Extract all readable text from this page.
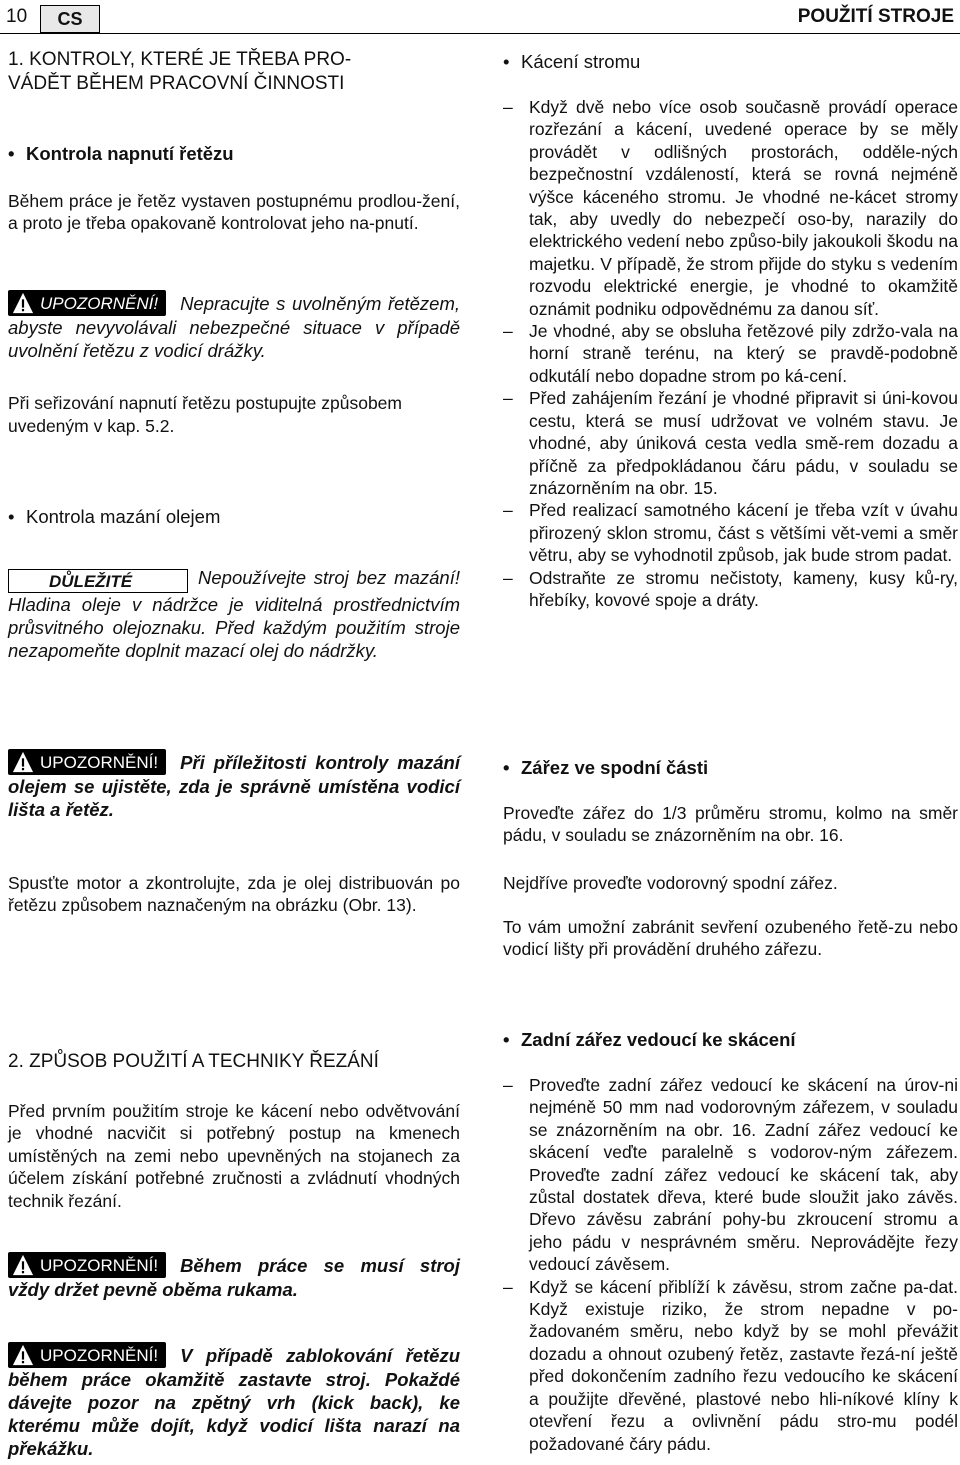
10	CS	POUŽITÍ STROJE

1. KONTROLY, KTERÉ JE TŘEBA PRO-

VÁDĚT BĚHEM PRACOVNÍ ČINNOSTI

• Kontrola napnutí řetězu

Během práce je řetěz vystaven postupnému prodlou-žení, a proto je třeba opakovaně kontrolovat jeho na-pnutí.

UPOZORNĚNÍ! Nepracujte s uvolněným řetězem, abyste nevyvolávali nebezpečné situace v případě uvolnění řetězu z vodicí drážky.

Při seřizování napnutí řetězu postupujte způsobem uvedeným v kap. 5.2.

• Kontrola mazání olejem

DŮLEŽITÉ	Nepoužívejte stroj bez mazání! Hladina oleje v nádržce je viditelná prostřednictvím průsvitného olejoznaku. Před každým použitím stroje nezapomeňte doplnit mazací olej do nádržky.

UPOZORNĚNÍ! Při příležitosti kontroly mazání olejem se ujistěte, zda je správně umístěna vodicí lišta a řetěz.

Spusťte motor a zkontrolujte, zda je olej distribuován po řetězu způsobem naznačeným na obrázku (Obr. 13).

2. ZPŮSOB POUŽITÍ A TECHNIKY ŘEZÁNÍ

Před prvním použitím stroje ke kácení nebo odvětvování je vhodné nacvičit si potřebný postup na kmenech umístěných na zemi nebo upevněných na stojanech za účelem získání potřebné zručnosti a zvládnutí vhodných technik řezání.

UPOZORNĚNÍ! Během práce se musí stroj vždy držet pevně oběma rukama.

UPOZORNĚNÍ! V případě zablokování řetězu během práce okamžitě zastavte stroj. Pokaždé dávejte pozor na zpětný vrh (kick back), ke kterému může dojít, když vodicí lišta narazí na překážku.

• Kácení stromu

– Když dvě nebo více osob současně provádí operace rozřezání a kácení, uvedené operace by se měly provádět v odlišných prostorách, odděle-ných bezpečnostní vzdáleností, která se rovná nejméně výšce káceného stromu. Je vhodné ne-kácet stromy tak, aby uvedly do nebezpečí oso-by, narazily do elektrického vedení nebo způso-bily jakoukoli škodu na majetku. V případě, že strom přijde do styku s vedením rozvodu elektrické energie, je vhodné to okamžitě oznámit podniku odpovědnému za danou síť.
– Je vhodné, aby se obsluha řetězové pily zdržo-vala na horní straně terénu, na který se pravdě-podobně odkutálí nebo dopadne strom po ká-cení.
– Před zahájením řezání je vhodné připravit si úni-kovou cestu, která se musí udržovat ve volném stavu. Je vhodné, aby úniková cesta vedla smě-rem dozadu a příčně za předpokládanou čáru pádu, v souladu se znázorněním na obr. 15.
– Před realizací samotného kácení je třeba vzít v úvahu přirozený sklon stromu, část s většími vět-vemi a směr větru, aby se vyhodnotil způsob, jak bude strom padat.
– Odstraňte ze stromu nečistoty, kameny, kusy ků-ry, hřebíky, kovové spoje a dráty.

• Zářez ve spodní části

Proveďte zářez do 1/3 průměru stromu, kolmo na směr pádu, v souladu se znázorněním na obr. 16.

Nejdříve proveďte vodorovný spodní zářez.

To vám umožní zabránit sevření ozubeného řetě-zu nebo vodicí lišty při provádění druhého zářezu.

• Zadní zářez vedoucí ke skácení

– Proveďte zadní zářez vedoucí ke skácení na úrov-ni nejméně 50 mm nad vodorovným zářezem, v souladu se znázorněním na obr. 16. Zadní zářez vedoucí ke skácení veďte paralelně s vodorov-ným zářezem. Proveďte zadní zářez vedoucí ke skácení tak, aby zůstal dostatek dřeva, které bude sloužit jako závěs. Dřevo závěsu zabrání pohy-bu zkroucení stromu a jeho pádu v nesprávném směru. Neprovádějte řezy vedoucí závěsem.
– Když se kácení přiblíží k závěsu, strom začne pa-dat. Když existuje riziko, že strom nepadne v po-žadovaném směru, nebo když by se mohl převážit dozadu a ohnout ozubený řetěz, zastavte řezá-ní ještě před dokončením zadního řezu vedoucího ke skácení a použijte dřevěné, plastové nebo hli-níkové klíny k otevření řezu a ovlivnění pádu stro-mu podél požadované čáry pádu.
